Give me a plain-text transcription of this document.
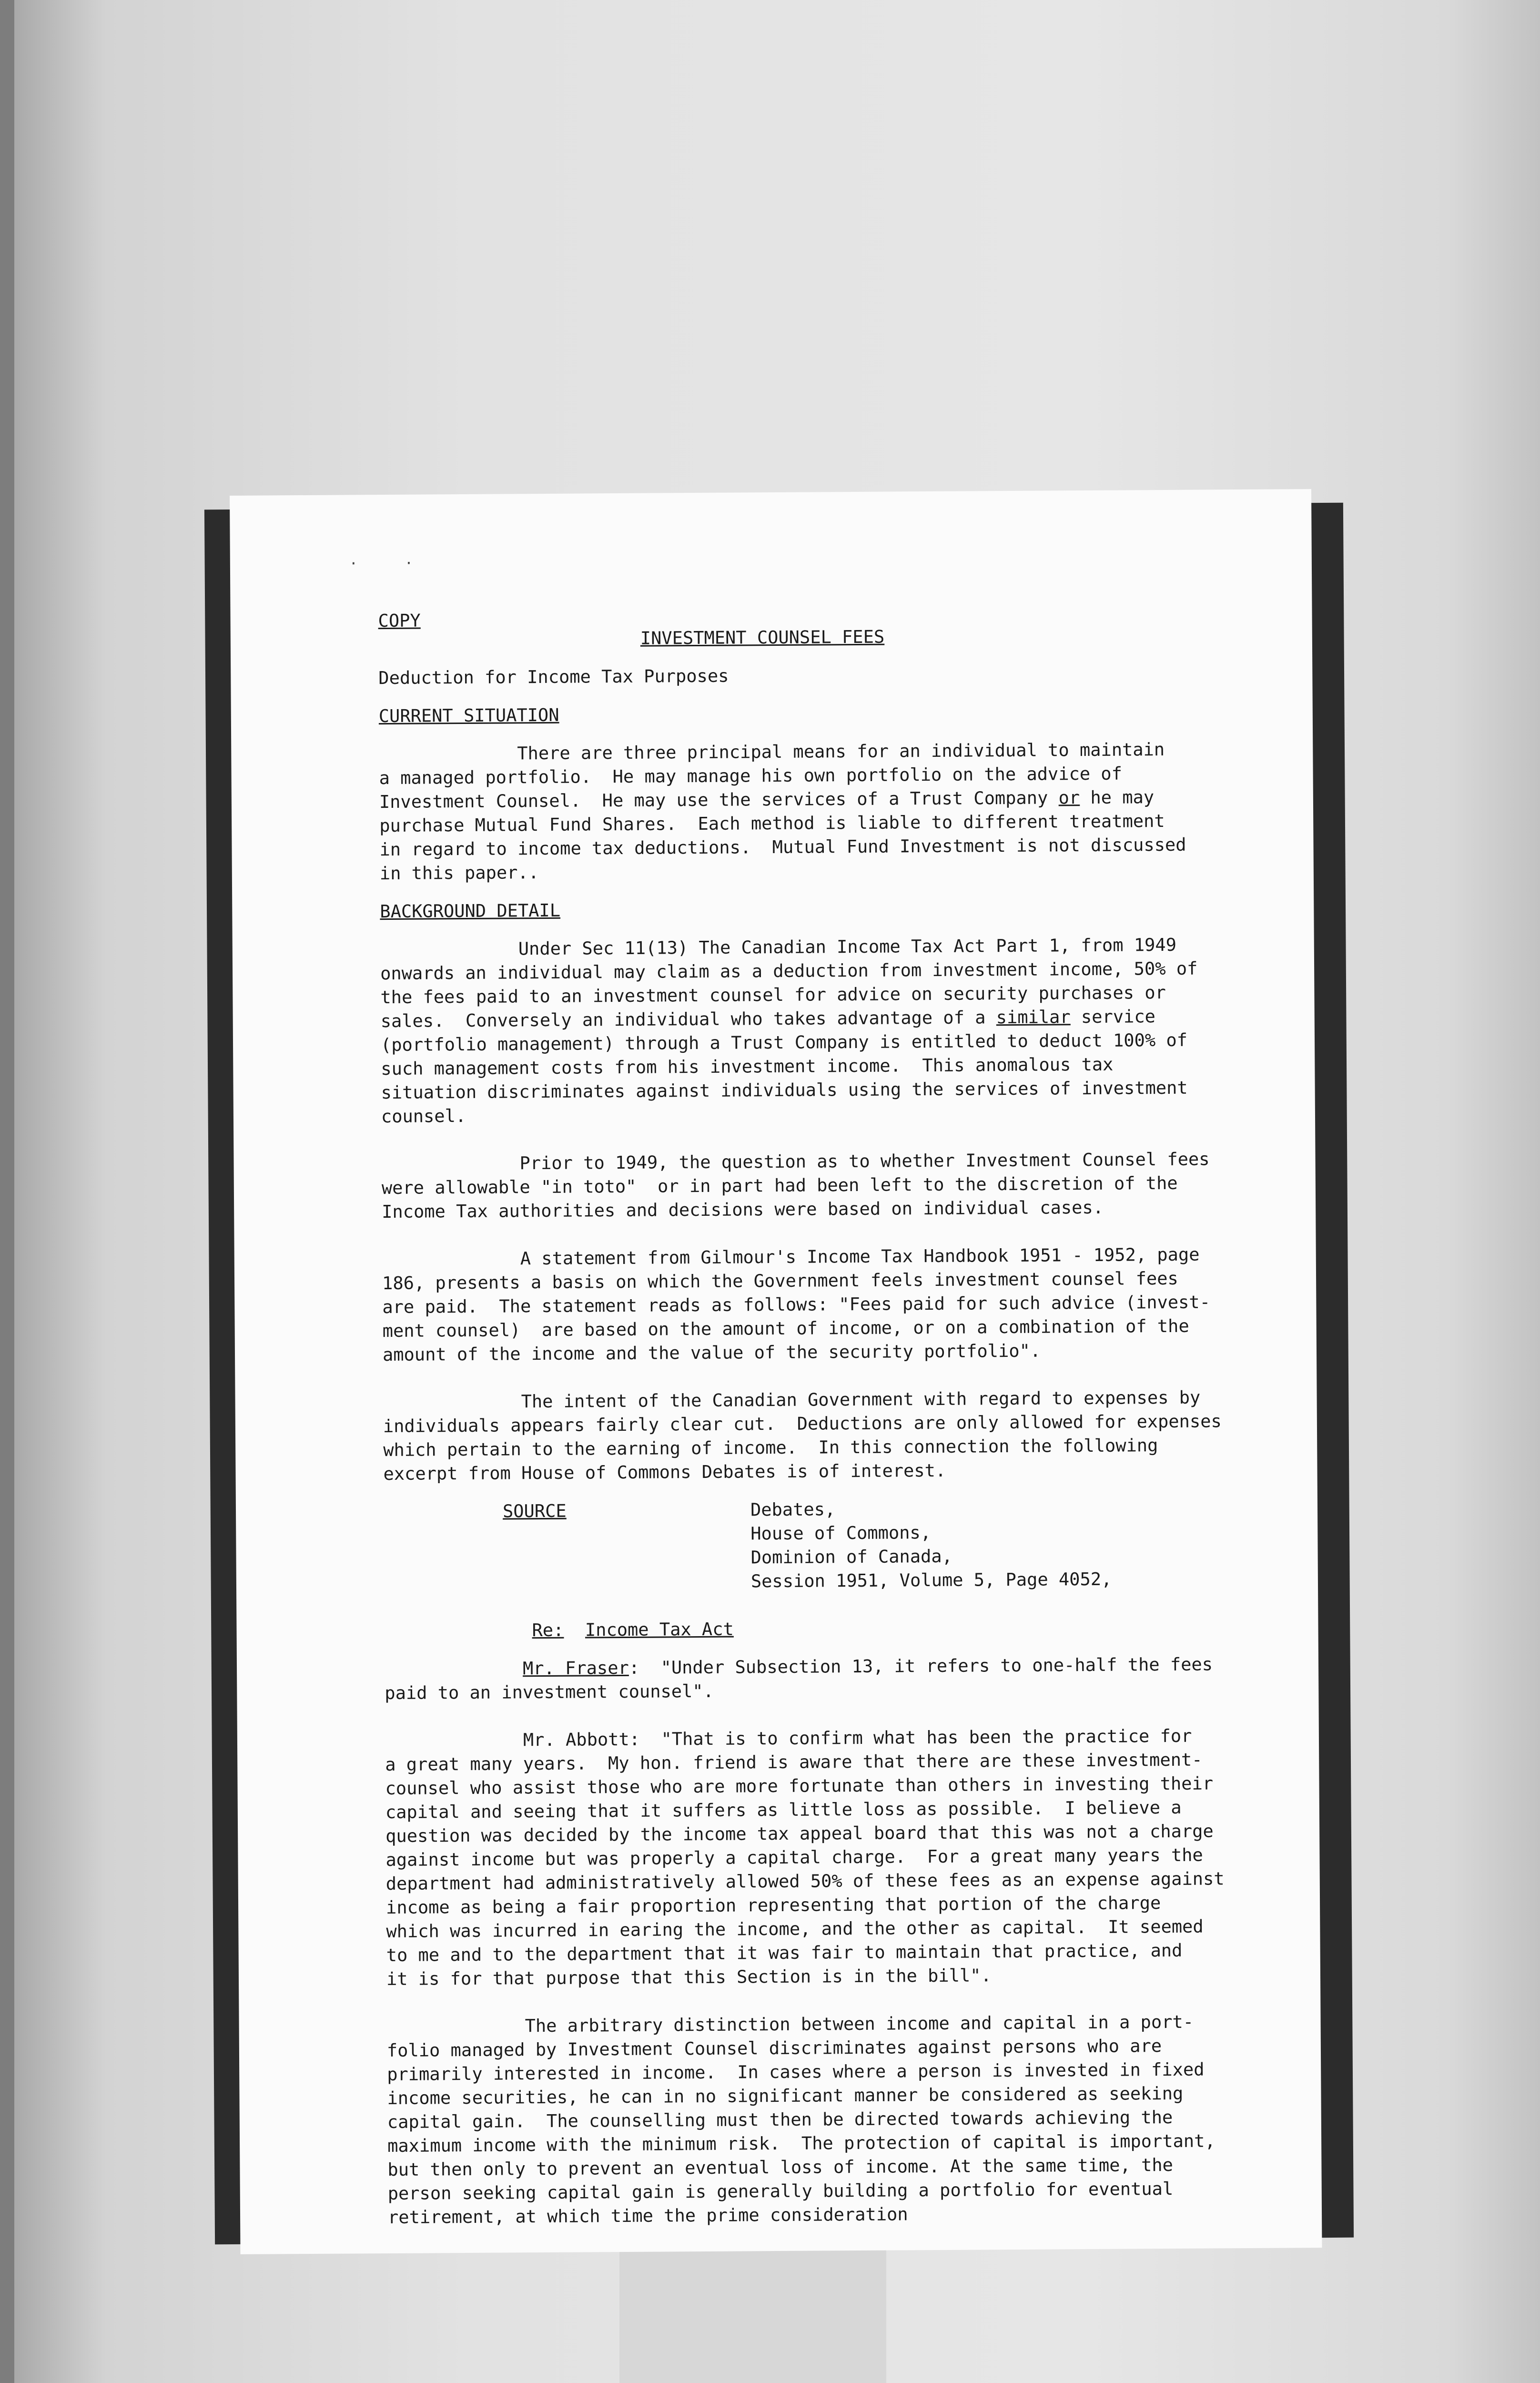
· ·
COPY
INVESTMENT COUNSEL FEES
Deduction for Income Tax Purposes
CURRENT SITUATION
There are three principal means for an individual to maintain
a managed portfolio.  He may manage his own portfolio on the advice of
Investment Counsel.  He may use the services of a Trust Company or he may
purchase Mutual Fund Shares.  Each method is liable to different treatment
in regard to income tax deductions.  Mutual Fund Investment is not discussed
in this paper..
BACKGROUND DETAIL
Under Sec 11(13) The Canadian Income Tax Act Part 1, from 1949
onwards an individual may claim as a deduction from investment income, 50% of
the fees paid to an investment counsel for advice on security purchases or
sales.  Conversely an individual who takes advantage of a similar service
(portfolio management) through a Trust Company is entitled to deduct 100% of
such management costs from his investment income.  This anomalous tax
situation discriminates against individuals using the services of investment
counsel.
Prior to 1949, the question as to whether Investment Counsel fees
were allowable "in toto"  or in part had been left to the discretion of the
Income Tax authorities and decisions were based on individual cases.
A statement from Gilmour's Income Tax Handbook 1951 - 1952, page
186, presents a basis on which the Government feels investment counsel fees
are paid.  The statement reads as follows: "Fees paid for such advice (invest-
ment counsel)  are based on the amount of income, or on a combination of the
amount of the income and the value of the security portfolio".
The intent of the Canadian Government with regard to expenses by
individuals appears fairly clear cut.  Deductions are only allowed for expenses
which pertain to the earning of income.  In this connection the following
excerpt from House of Commons Debates is of interest.
SOURCE	Debates,
House of Commons,
Dominion of Canada,
Session 1951, Volume 5, Page 4052,
Re: Income Tax Act
Mr. Fraser:  "Under Subsection 13, it refers to one-half the fees
paid to an investment counsel".
Mr. Abbott:  "That is to confirm what has been the practice for
a great many years.  My hon. friend is aware that there are these investment-
counsel who assist those who are more fortunate than others in investing their
capital and seeing that it suffers as little loss as possible.  I believe a
question was decided by the income tax appeal board that this was not a charge
against income but was properly a capital charge.  For a great many years the
department had administratively allowed 50% of these fees as an expense against
income as being a fair proportion representing that portion of the charge
which was incurred in earing the income, and the other as capital.  It seemed
to me and to the department that it was fair to maintain that practice, and
it is for that purpose that this Section is in the bill".
The arbitrary distinction between income and capital in a port-
folio managed by Investment Counsel discriminates against persons who are
primarily interested in income.  In cases where a person is invested in fixed
income securities, he can in no significant manner be considered as seeking
capital gain.  The counselling must then be directed towards achieving the
maximum income with the minimum risk.  The protection of capital is important,
but then only to prevent an eventual loss of income. At the same time, the
person seeking capital gain is generally building a portfolio for eventual
retirement, at which time the prime consideration
